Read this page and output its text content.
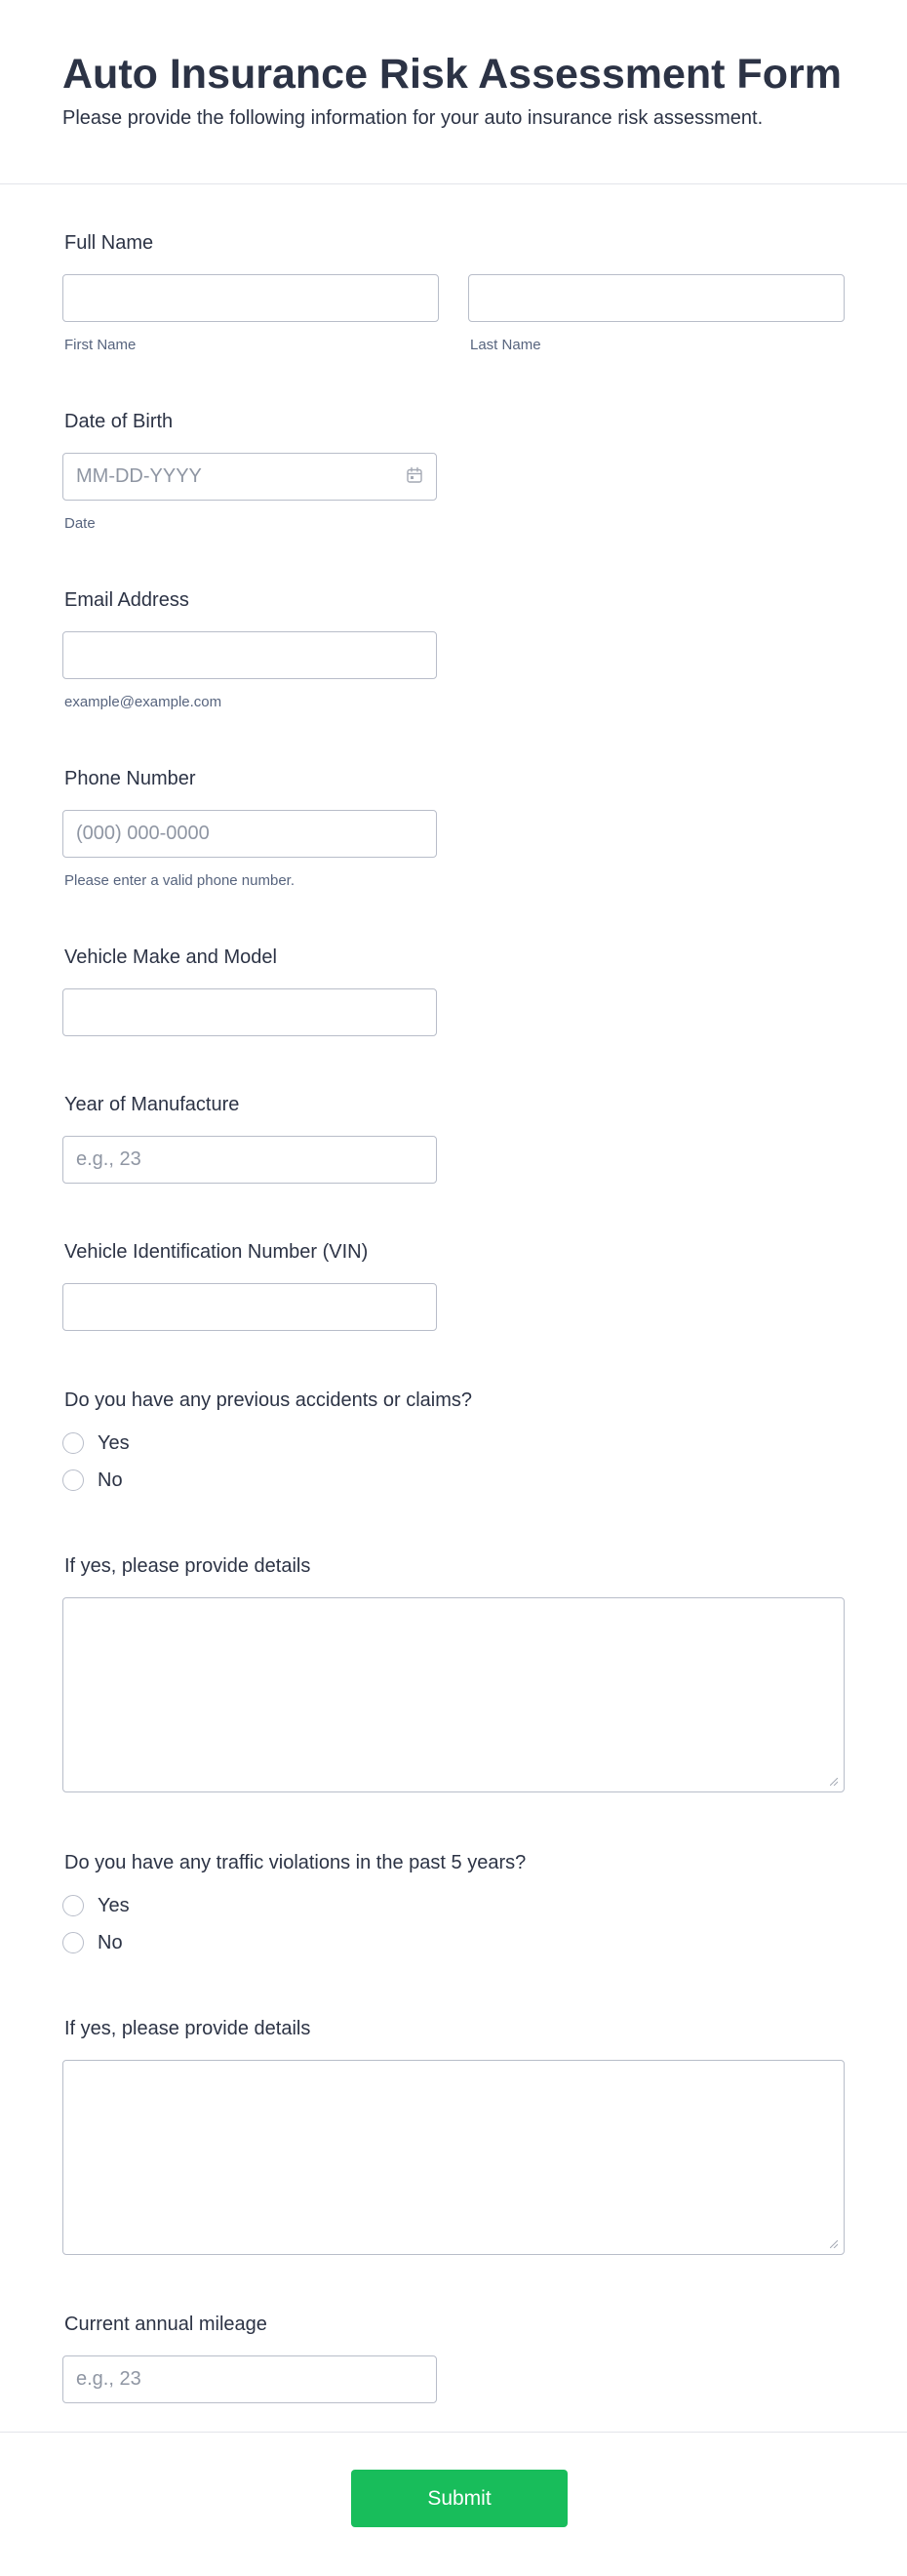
Auto Insurance Risk Assessment Form
Please provide the following information for your auto insurance risk assessment.
Full Name
First Name	Last Name
Date of Birth
MM-DD-YYYY
Date
Email Address
example@example.com
Phone Number
(000) 000-0000
Please enter a valid phone number.
Vehicle Make and Model
Year of Manufacture
e.g., 23
Vehicle Identification Number (VIN)
Do you have any previous accidents or claims?
Yes
No
If yes, please provide details
Do you have any traffic violations in the past 5 years?
Yes
No
If yes, please provide details
Current annual mileage
e.g., 23
Submit
